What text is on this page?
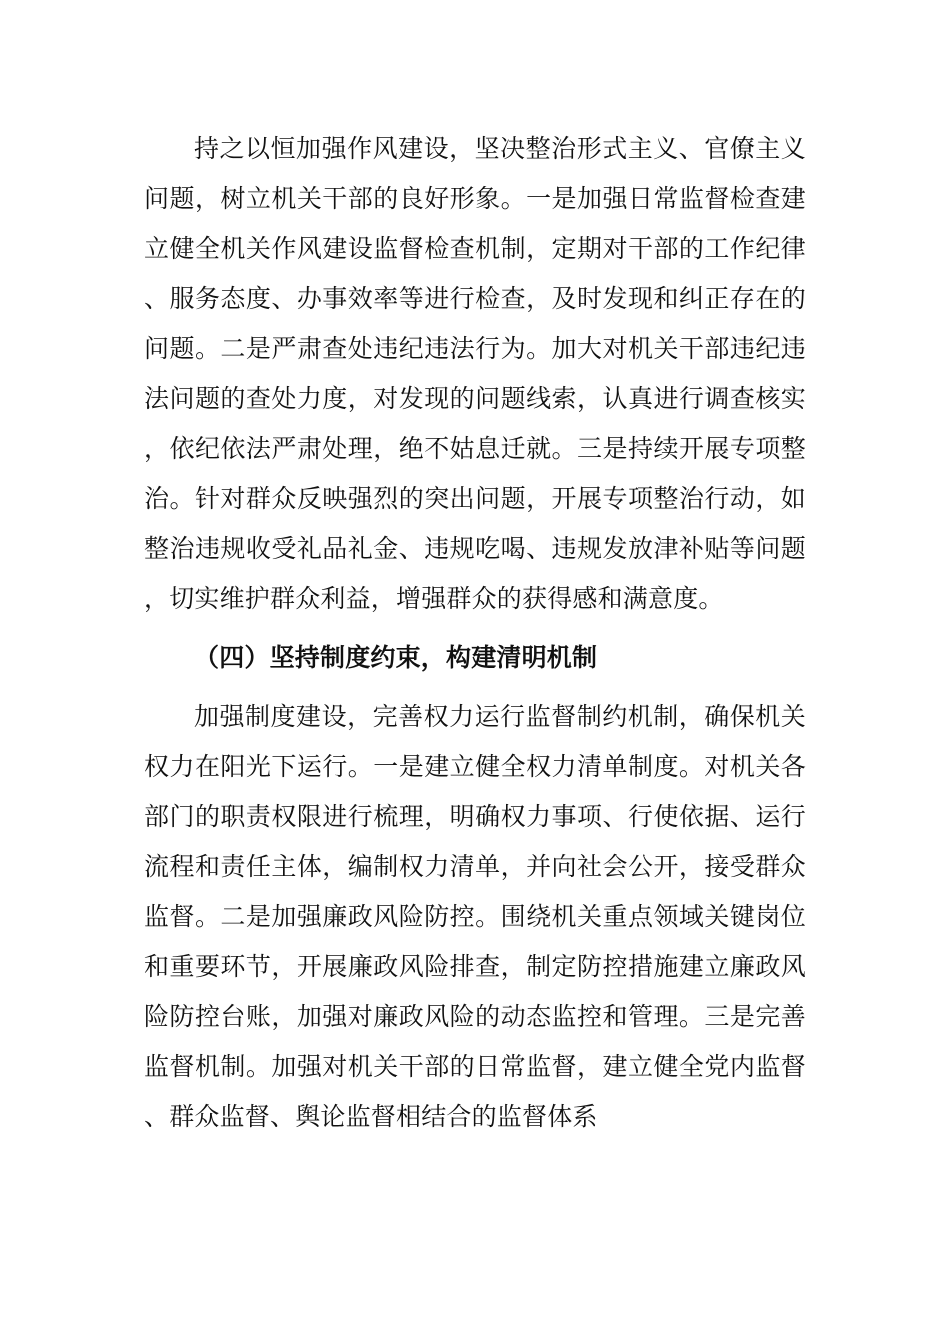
持之以恒加强作风建设，坚决整治形式主义、官僚主义问题，树立机关干部的良好形象。一是加强日常监督检查建立健全机关作风建设监督检查机制，定期对干部的工作纪律、服务态度、办事效率等进行检查，及时发现和纠正存在的问题。二是严肃查处违纪违法行为。加大对机关干部违纪违法问题的查处力度，对发现的问题线索，认真进行调查核实，依纪依法严肃处理，绝不姑息迁就。三是持续开展专项整治。针对群众反映强烈的突出问题，开展专项整治行动，如整治违规收受礼品礼金、违规吃喝、违规发放津补贴等问题，切实维护群众利益，增强群众的获得感和满意度。

（四）坚持制度约束，构建清明机制

加强制度建设，完善权力运行监督制约机制，确保机关权力在阳光下运行。一是建立健全权力清单制度。对机关各部门的职责权限进行梳理，明确权力事项、行使依据、运行流程和责任主体，编制权力清单，并向社会公开，接受群众监督。二是加强廉政风险防控。围绕机关重点领域关键岗位和重要环节，开展廉政风险排查，制定防控措施建立廉政风险防控台账，加强对廉政风险的动态监控和管理。三是完善监督机制。加强对机关干部的日常监督，建立健全党内监督、群众监督、舆论监督相结合的监督体系
